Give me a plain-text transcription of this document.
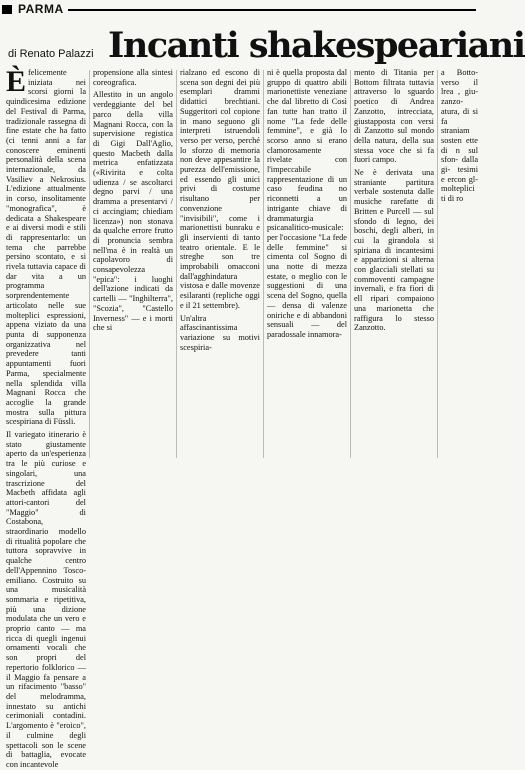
PARMA
di Renato Palazzi Incanti shakespeariani

Èfelicemente iniziata nei scorsi giorni la quindicesima edizione del Festival di Parma, tradizionale rassegna di fine estate che ha fatto (ci tenni anni a far conoscere eminenti personalità della scena internazionale, da Vasiliev a Nekrosius. L'edizione attualmente in corso, insolitamente "monografica", è dedicata a Shakespeare e ai diversi modi e stili di rappresentarlo: un tema che parrebbe persino scontato, e si rivela tuttavia capace di dar vita a un programma sorprendentemente articolato nelle sue molteplici espressioni, appena viziato da una punta di supponenza organizzativa nel prevedere tanti appuntamenti fuori Parma, specialmente nella splendida villa Magnani Rocca che accoglie la grande mostra sulla pittura scespiriana di Füssli.

Il variegato itinerario è stato giustamente aperto da un'esperienza tra le più curiose e singolari, una trascrizione del Macbeth affidata agli attori-cantori del "Maggio" di Costabona, straordinario modello di ritualità popolare che tuttora sopravvive in qualche centro dell'Appennino Tosco-emiliano. Costruito su una musicalità sommaria e ripetitiva, più una dizione modulata che un vero e proprio canto — ma ricca di quegli ingenui ornamenti vocali che son propri del repertorio folklorico — il Maggio fa pensare a un rifacimento "basso" del melodramma, innestato su antichi cerimoniali contadini. L'argomento è "eroico", il culmine degli spettacoli son le scene di battaglia, evocate con incantevole

propensione alla sintesi coreografica.

Allestito in un angolo verdeggiante del bel parco della villa Magnani Rocca, con la supervisione registica di Gigi Dall'Aglio, questo Macbeth dalla metrica enfatizzata («Rivirita e colta udienza / se ascoltarci degno parvi / una dramma a presentarvi / ci accingiam; chiediam licenza») non stonava da qualche errore frutto di pronuncia sembra nell'ma è in realtà un capolavoro di consapevolezza "epica": i luoghi dell'azione indicati da cartelli — "Inghilterra", "Scozia", "Castello Inverness" — e i morti che si

rialzano ed escono di scena son degni dei più esemplari drammi didattici brechtiani. Suggeritori col copione in mano seguono gli interpreti istruendoli verso per verso, perché lo sforzo di memoria non deve appesantire la purezza dell'emissione, ed essendo gli unici privi di costume risultano per convenzione "invisibili", come i marionettisti bunraku e gli inservienti di tanto teatro orientale. E le streghe son tre improbabili omacconi dall'agghindatura vistosa e dalle movenze esilaranti (repliche oggi e il 21 settembre).

Un'altra affascinantissima variazione su motivi scespiria-

ni è quella proposta dal gruppo di quattro abili marionettiste veneziane che dal libretto di Così fan tutte han tratto il nome "La fede delle femmine", e già lo scorso anno si erano clamorosamente rivelate con l'impeccabile rappresentazione di un caso feudina no riconnetti a un intrigante chiave di drammaturgia psicanalitico-musicale: per l'occasione "La fede delle femmine" si cimenta col Sogno di una notte di mezza estate, o meglio con le suggestioni di una scena del Sogno, quella — densa di valenze oniriche e di abbandoni sensuali — del paradossale innamora-

mento di Titania per Bottom filtrata tuttavia attraverso lo sguardo poetico di Andrea Zanzotto, intrecciata, giustapposta con versi di Zanzotto sul mondo della natura, della sua stessa voce che si fa fuori campo.

Ne è derivata una straniante partitura verbale sostenuta dalle musiche rarefatte di Britten e Purcell — sul sfondo di legno, dei boschi, degli alberi, in cui la girandola si spiriana di incantesimi e apparizioni si alterna con glacciali stellati su commoventi campagne invernali, e fra fiori di ell ripari compaiono una marionetta che raffigura lo stesso Zanzotto.

a Botto- verso il lrea , giu- zanzo- atura, di si fa straniam sosten ette di n sul sfon- dalla gi- tesimi e ercon gl- molteplici ti di ro
